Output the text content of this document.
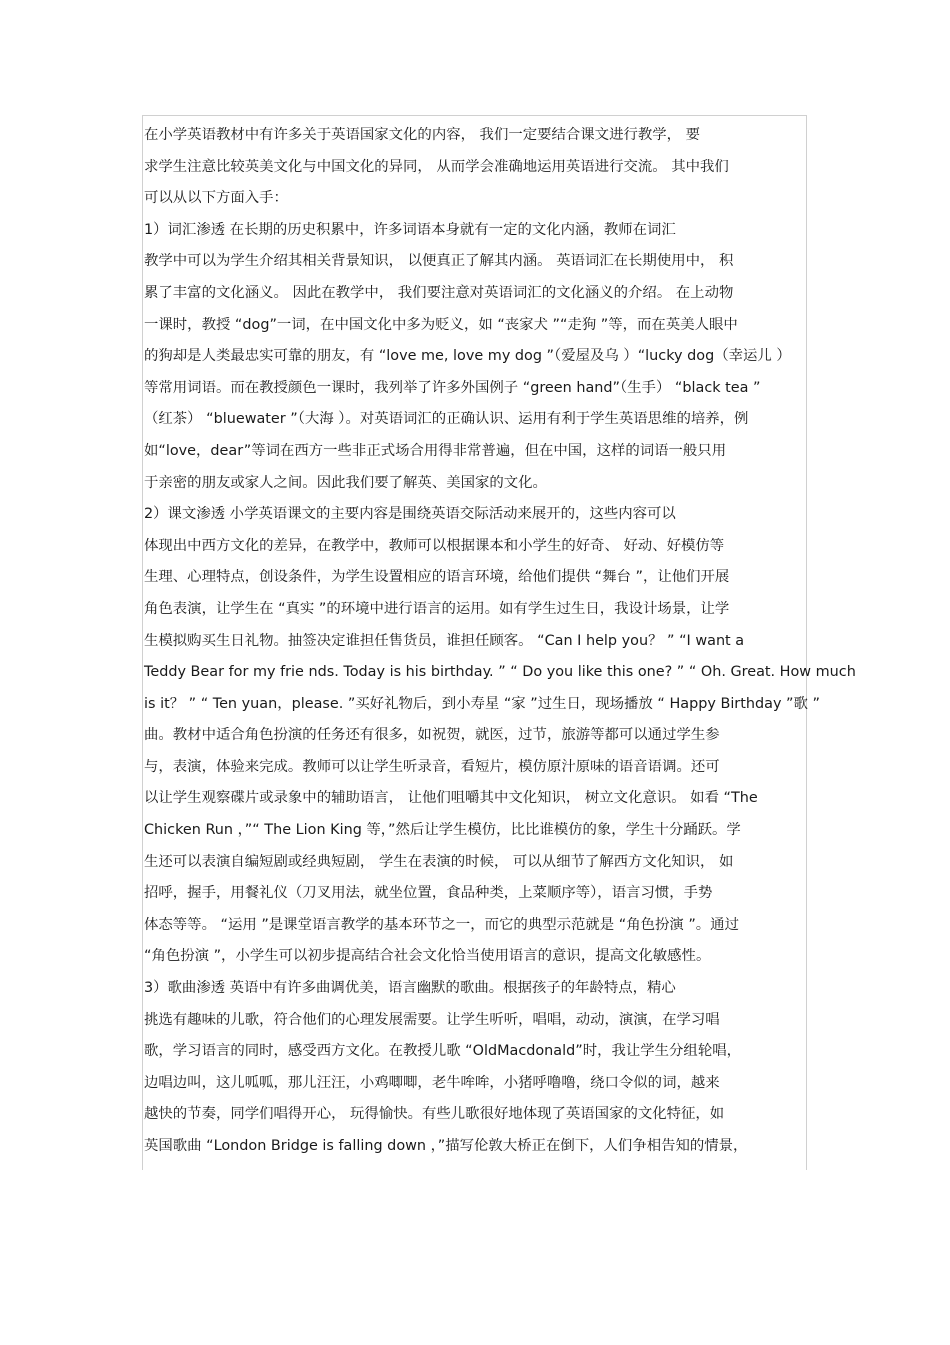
在小学英语教材中有许多关于英语国家文化的内容， 我们一定要结合课文进行教学， 要
求学生注意比较英美文化与中国文化的异同， 从而学会准确地运用英语进行交流。 其中我们
可以从以下方面入手：
1）词汇渗透 在长期的历史积累中，许多词语本身就有一定的文化内涵，教师在词汇
教学中可以为学生介绍其相关背景知识， 以便真正了解其内涵。 英语词汇在长期使用中， 积
累了丰富的文化涵义。 因此在教学中， 我们要注意对英语词汇的文化涵义的介绍。 在上动物
一课时，教授 “dog”一词，在中国文化中多为贬义，如 “丧家犬 ”“走狗 ”等，而在英美人眼中
的狗却是人类最忠实可靠的朋友，有 “love me, love my dog ”（爱屋及乌 ）“lucky dog（幸运儿 ）
等常用词语。而在教授颜色一课时，我列举了许多外国例子 “green hand”（生手） “black tea ”
（红茶） “bluewater ”（大海 ）。对英语词汇的正确认识、运用有利于学生英语思维的培养，例
如“love，dear”等词在西方一些非正式场合用得非常普遍，但在中国，这样的词语一般只用
于亲密的朋友或家人之间。因此我们要了解英、美国家的文化。
2）课文渗透 小学英语课文的主要内容是围绕英语交际活动来展开的，这些内容可以
体现出中西方文化的差异，在教学中，教师可以根据课本和小学生的好奇、 好动、好模仿等
生理、心理特点，创设条件，为学生设置相应的语言环境，给他们提供 “舞台 ”，让他们开展
角色表演，让学生在 “真实 ”的环境中进行语言的运用。如有学生过生日，我设计场景，让学
生模拟购买生日礼物。抽签决定谁担任售货员，谁担任顾客。 “Can I help you？ ” “I want a
Teddy Bear for my frie nds. Today is his birthday. ” “ Do you like this one? ” “ Oh. Great. How much
is it？ ” “ Ten yuan，please. ”买好礼物后，到小寿星 “家 ”过生日，现场播放 “ Happy Birthday ”歌 ”
曲。教材中适合角色扮演的任务还有很多，如祝贺，就医，过节，旅游等都可以通过学生参
与，表演，体验来完成。教师可以让学生听录音，看短片，模仿原汁原味的语音语调。还可
以让学生观察碟片或录象中的辅助语言， 让他们咀嚼其中文化知识， 树立文化意识。 如看 “The
Chicken Run ，”“ The Lion King 等，”然后让学生模仿，比比谁模仿的象，学生十分踊跃。学
生还可以表演自编短剧或经典短剧， 学生在表演的时候， 可以从细节了解西方文化知识， 如
招呼，握手，用餐礼仪（刀叉用法，就坐位置，食品种类，上菜顺序等），语言习惯，手势
体态等等。 “运用 ”是课堂语言教学的基本环节之一，而它的典型示范就是 “角色扮演 ”。通过
“角色扮演 ”，小学生可以初步提高结合社会文化恰当使用语言的意识，提高文化敏感性。
3）歌曲渗透 英语中有许多曲调优美，语言幽默的歌曲。根据孩子的年龄特点，精心
挑选有趣味的儿歌，符合他们的心理发展需要。让学生听听，唱唱，动动，演演，在学习唱
歌，学习语言的同时，感受西方文化。在教授儿歌 “OldMacdonald”时，我让学生分组轮唱，
边唱边叫，这儿呱呱，那儿汪汪，小鸡唧唧，老牛哞哞，小猪呼噜噜，绕口令似的词，越来
越快的节奏，同学们唱得开心， 玩得愉快。有些儿歌很好地体现了英语国家的文化特征，如
英国歌曲 “London Bridge is falling down ，”描写伦敦大桥正在倒下，人们争相告知的情景，
